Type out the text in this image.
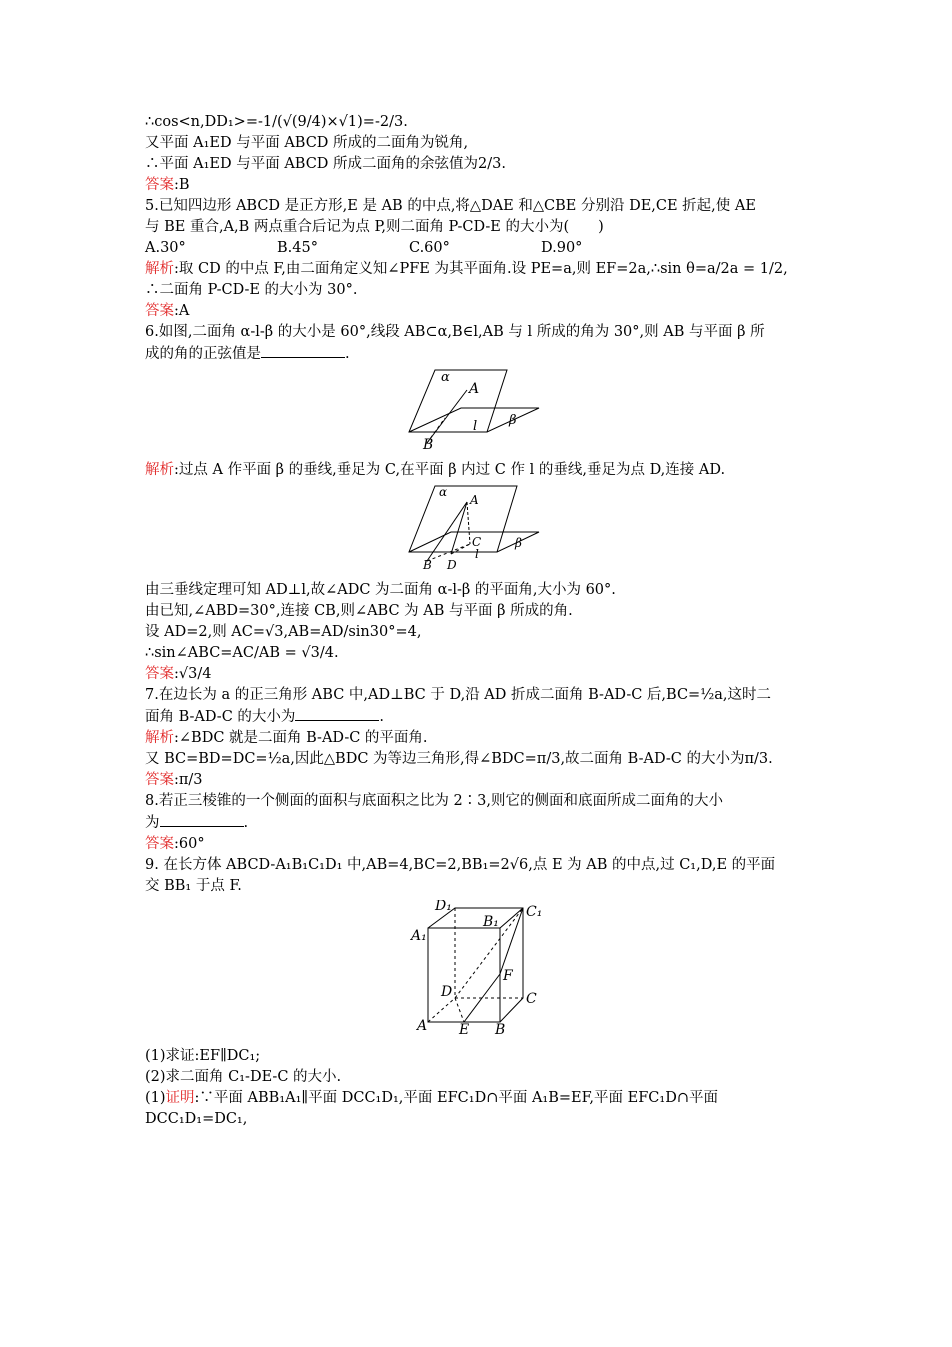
∴cos<n,DD₁>=-1/(√(9/4)×√1)=-2/3.
又平面 A₁ED 与平面 ABCD 所成的二面角为锐角,
∴平面 A₁ED 与平面 ABCD 所成二面角的余弦值为2/3.
答案:B
5.已知四边形 ABCD 是正方形,E 是 AB 的中点,将△DAE 和△CBE 分别沿 DE,CE 折起,使 AE
与 BE 重合,A,B 两点重合后记为点 P,则二面角 P-CD-E 的大小为(　　)
A.30°	B.45°	C.60°	D.90°
解析:取 CD 的中点 F,由二面角定义知∠PFE 为其平面角.设 PE=a,则 EF=2a,∴sin θ=a/2a = 1/2,
∴二面角 P-CD-E 的大小为 30°.
答案:A
6.如图,二面角 α-l-β 的大小是 60°,线段 AB⊂α,B∈l,AB 与 l 所成的角为 30°,则 AB 与平面 β 所
成的角的正弦值是	.
α
A
β
l
B
解析:过点 A 作平面 β 的垂线,垂足为 C,在平面 β 内过 C 作 l 的垂线,垂足为点 D,连接 AD.
α
A
C
l
β
B D
由三垂线定理可知 AD⊥l,故∠ADC 为二面角 α-l-β 的平面角,大小为 60°.
由已知,∠ABD=30°,连接 CB,则∠ABC 为 AB 与平面 β 所成的角.
设 AD=2,则 AC=√3,AB=AD/sin30°=4,
∴sin∠ABC=AC/AB = √3/4.
答案:√3/4
7.在边长为 a 的正三角形 ABC 中,AD⊥BC 于 D,沿 AD 折成二面角 B-AD-C 后,BC=½a,这时二
面角 B-AD-C 的大小为	.
解析:∠BDC 就是二面角 B-AD-C 的平面角.
又 BC=BD=DC=½a,因此△BDC 为等边三角形,得∠BDC=π/3,故二面角 B-AD-C 的大小为π/3.
答案:π/3
8.若正三棱锥的一个侧面的面积与底面积之比为 2∶3,则它的侧面和底面所成二面角的大小
为	.
答案:60°
9. 在长方体 ABCD-A₁B₁C₁D₁ 中,AB=4,BC=2,BB₁=2√6,点 E 为 AB 的中点,过 C₁,D,E 的平面
交 BB₁ 于点 F.
D₁	C₁
A₁
B₁
F
D	C
A E B
(1)求证:EF∥DC₁;
(2)求二面角 C₁-DE-C 的大小.
(1)证明:∵平面 ABB₁A₁∥平面 DCC₁D₁,平面 EFC₁D∩平面 A₁B=EF,平面 EFC₁D∩平面
DCC₁D₁=DC₁,
